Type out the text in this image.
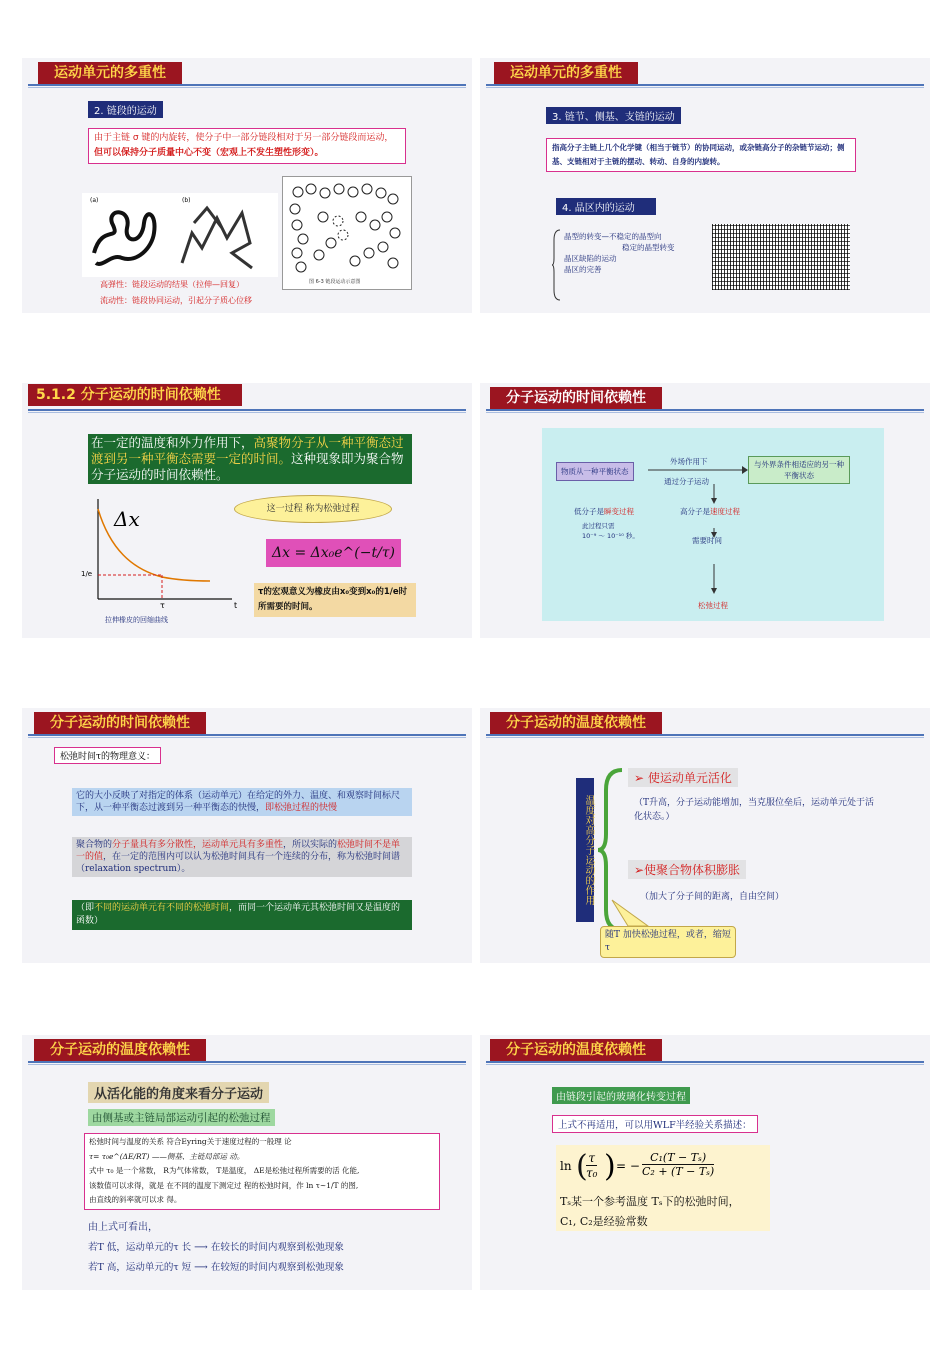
运动单元的多重性
2. 链段的运动
由于主链 σ 键的内旋转，使分子中一部分链段相对于另一部分链段而运动，但可以保持分子质量中心不变（宏观上不发生塑性形变）。
(a)	(b)
图 6-3 链段运动示意图
高弹性：链段运动的结果（拉伸—回复）
流动性：链段协同运动，引起分子质心位移
运动单元的多重性
3. 链节、侧基、支链的运动
指高分子主链上几个化学键（相当于链节）的协同运动，或杂链高分子的杂链节运动；侧基、支链相对于主链的摆动、转动、自身的内旋转。
4. 晶区内的运动
晶型的转变—不稳定的晶型向
稳定的晶型转变
晶区缺陷的运动
晶区的完善
5.1.2 分子运动的时间依赖性
在一定的温度和外力作用下，高聚物分子从一种平衡态过渡到另一种平衡态需要一定的时间。这种现象即为聚合物分子运动的时间依赖性。
Δx
1/e
τ	t
拉伸橡皮的回缩曲线
这一过程 称为松弛过程
Δx = Δx₀e^(−t/τ)
τ的宏观意义为橡皮由x₀变到x₀的1/e时所需要的时间。
分子运动的时间依赖性
物质从一种平衡状态
外场作用下
通过分子运动
与外界条件相适应的另一种平衡状态
低分子是瞬变过程
此过程只需
10⁻⁹ ～ 10⁻¹⁰ 秒。
高分子是速度过程
需要时间
松弛过程
分子运动的时间依赖性
松弛时间τ的物理意义：
它的大小反映了对指定的体系（运动单元）在给定的外力、温度、和观察时间标尺下，从一种平衡态过渡到另一种平衡态的快慢，即松弛过程的快慢
聚合物的分子量具有多分散性，运动单元具有多重性，所以实际的松弛时间不是单一的值，在一定的范围内可以认为松弛时间具有一个连续的分布，称为松弛时间谱（relaxation spectrum）。
（即不同的运动单元有不同的松弛时间，而同一个运动单元其松弛时间又是温度的函数）
分子运动的温度依赖性
温度对高分子运动的作用
➢ 使运动单元活化
（T升高，分子运动能增加，当克服位垒后，运动单元处于活化状态。）
➢使聚合物体积膨胀
（加大了分子间的距离，自由空间）
随T 加快松弛过程，或者，缩短τ
分子运动的温度依赖性
从活化能的角度来看分子运动
由侧基或主链局部运动引起的松弛过程
松弛时间与温度的关系 符合Eyring关于速度过程的一般理 论
τ= τ₀e^(ΔE/RT) ——侧基、主链局部运 动。
式中 τ₀ 是一个常数， R为气体常数， T是温度， ΔE是松弛过程所需要的活 化能,
该数值可以求得，就是 在不同的温度下测定过 程的松弛时间，作 ln τ~1/T 的图,
由直线的斜率就可以求 得。
由上式可看出，
若T 低，运动单元的τ 长 ⟶ 在较长的时间内观察到松弛现象
若T 高，运动单元的τ 短 ⟶ 在较短的时间内观察到松弛现象
分子运动的温度依赖性
由链段引起的玻璃化转变过程
上式不再适用，可以用WLF半经验关系描述：
ln (
$\frac{\tau}{\text{τ₀}}$ ) = − $\frac{\text{C₁(T − Tₛ)}}{\text{C₂ + (T − Tₛ)}}$
Tₛ某一个参考温度 Tₛ下的松弛时间，
C₁, C₂是经验常数
